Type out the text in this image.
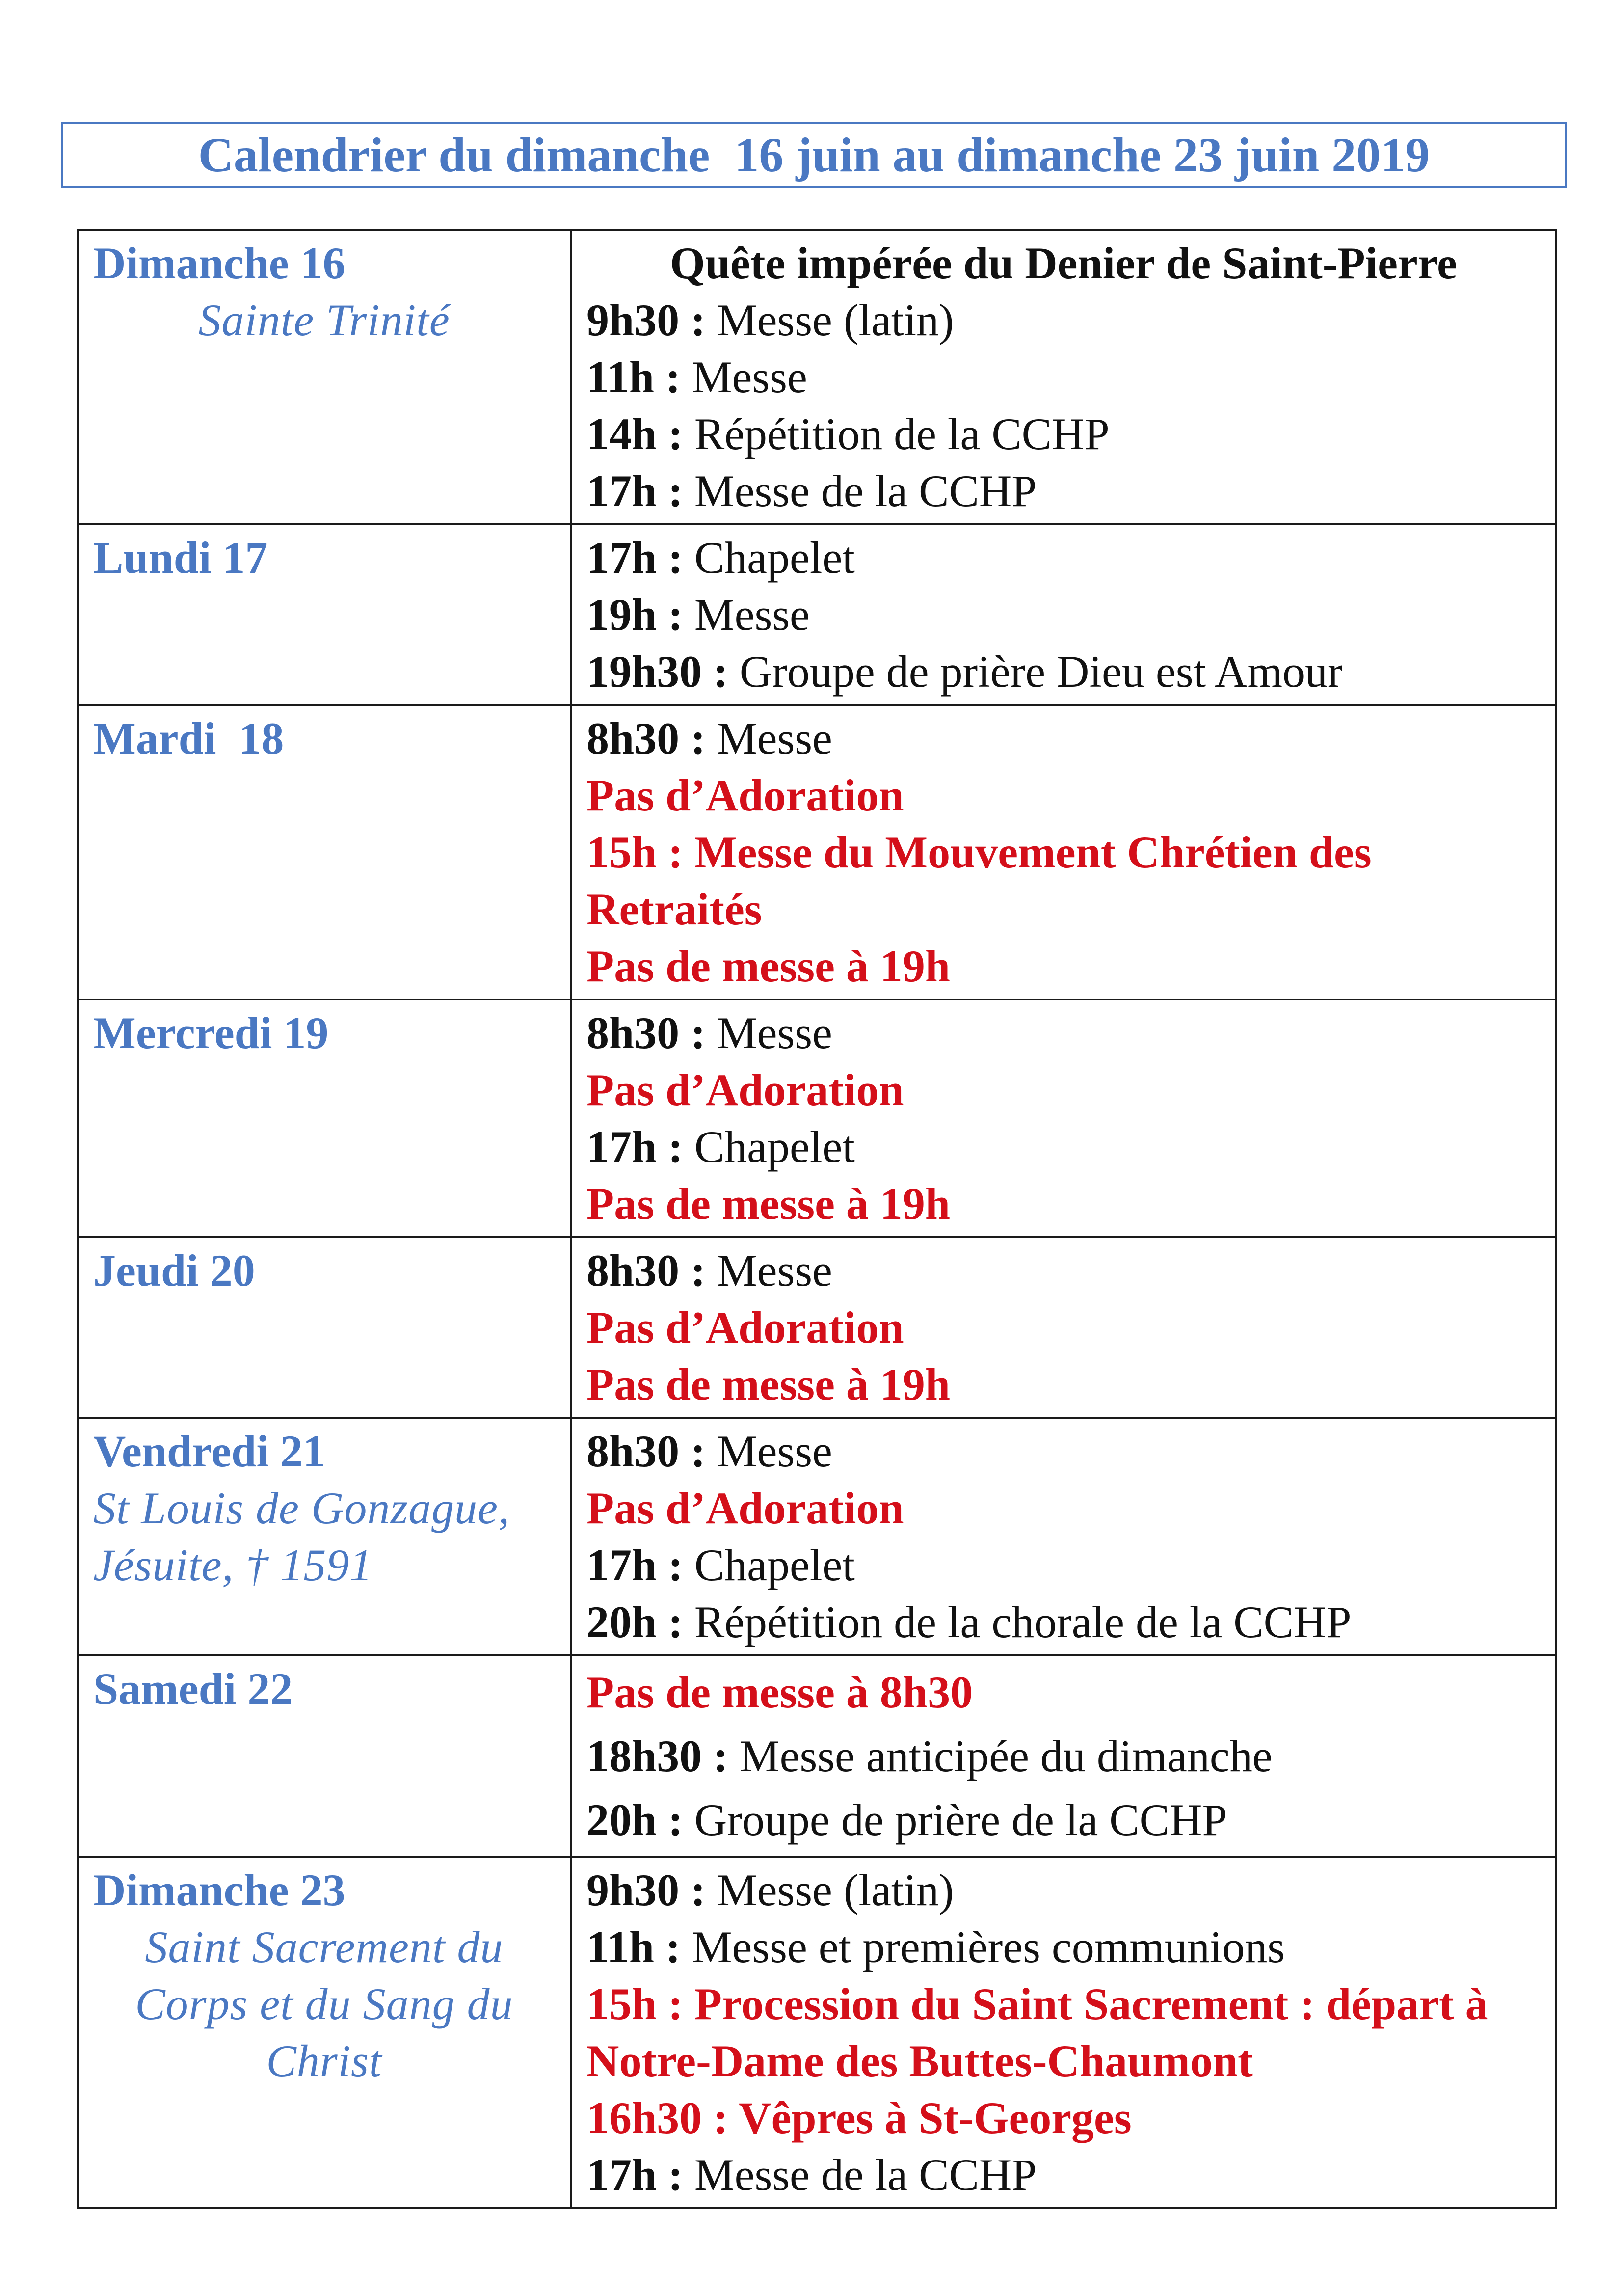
Calendrier du dimanche  16 juin au dimanche 23 juin 2019
Dimanche 16
Sainte Trinité	Quête impérée du Denier de Saint-Pierre
9h30 : Messe (latin)
11h : Messe
14h : Répétition de la CCHP
17h : Messe de la CCHP

Lundi 17	17h : Chapelet
19h : Messe
19h30 : Groupe de prière Dieu est Amour

Mardi  18	8h30 : Messe
Pas d’Adoration
15h : Messe du Mouvement Chrétien des Retraités
Pas de messe à 19h

Mercredi 19	8h30 : Messe
Pas d’Adoration
17h : Chapelet
Pas de messe à 19h

Jeudi 20	8h30 : Messe
Pas d’Adoration
Pas de messe à 19h

Vendredi 21
St Louis de Gonzague,
Jésuite, † 1591	8h30 : Messe
Pas d’Adoration
17h : Chapelet
20h : Répétition de la chorale de la CCHP

Samedi 22	Pas de messe à 8h30
18h30 : Messe anticipée du dimanche
20h : Groupe de prière de la CCHP

Dimanche 23
Saint Sacrement du
Corps et du Sang du
Christ	9h30 : Messe (latin)
11h : Messe et premières communions
15h : Procession du Saint Sacrement : départ à Notre-Dame des Buttes-Chaumont
16h30 : Vêpres à St-Georges
17h : Messe de la CCHP
